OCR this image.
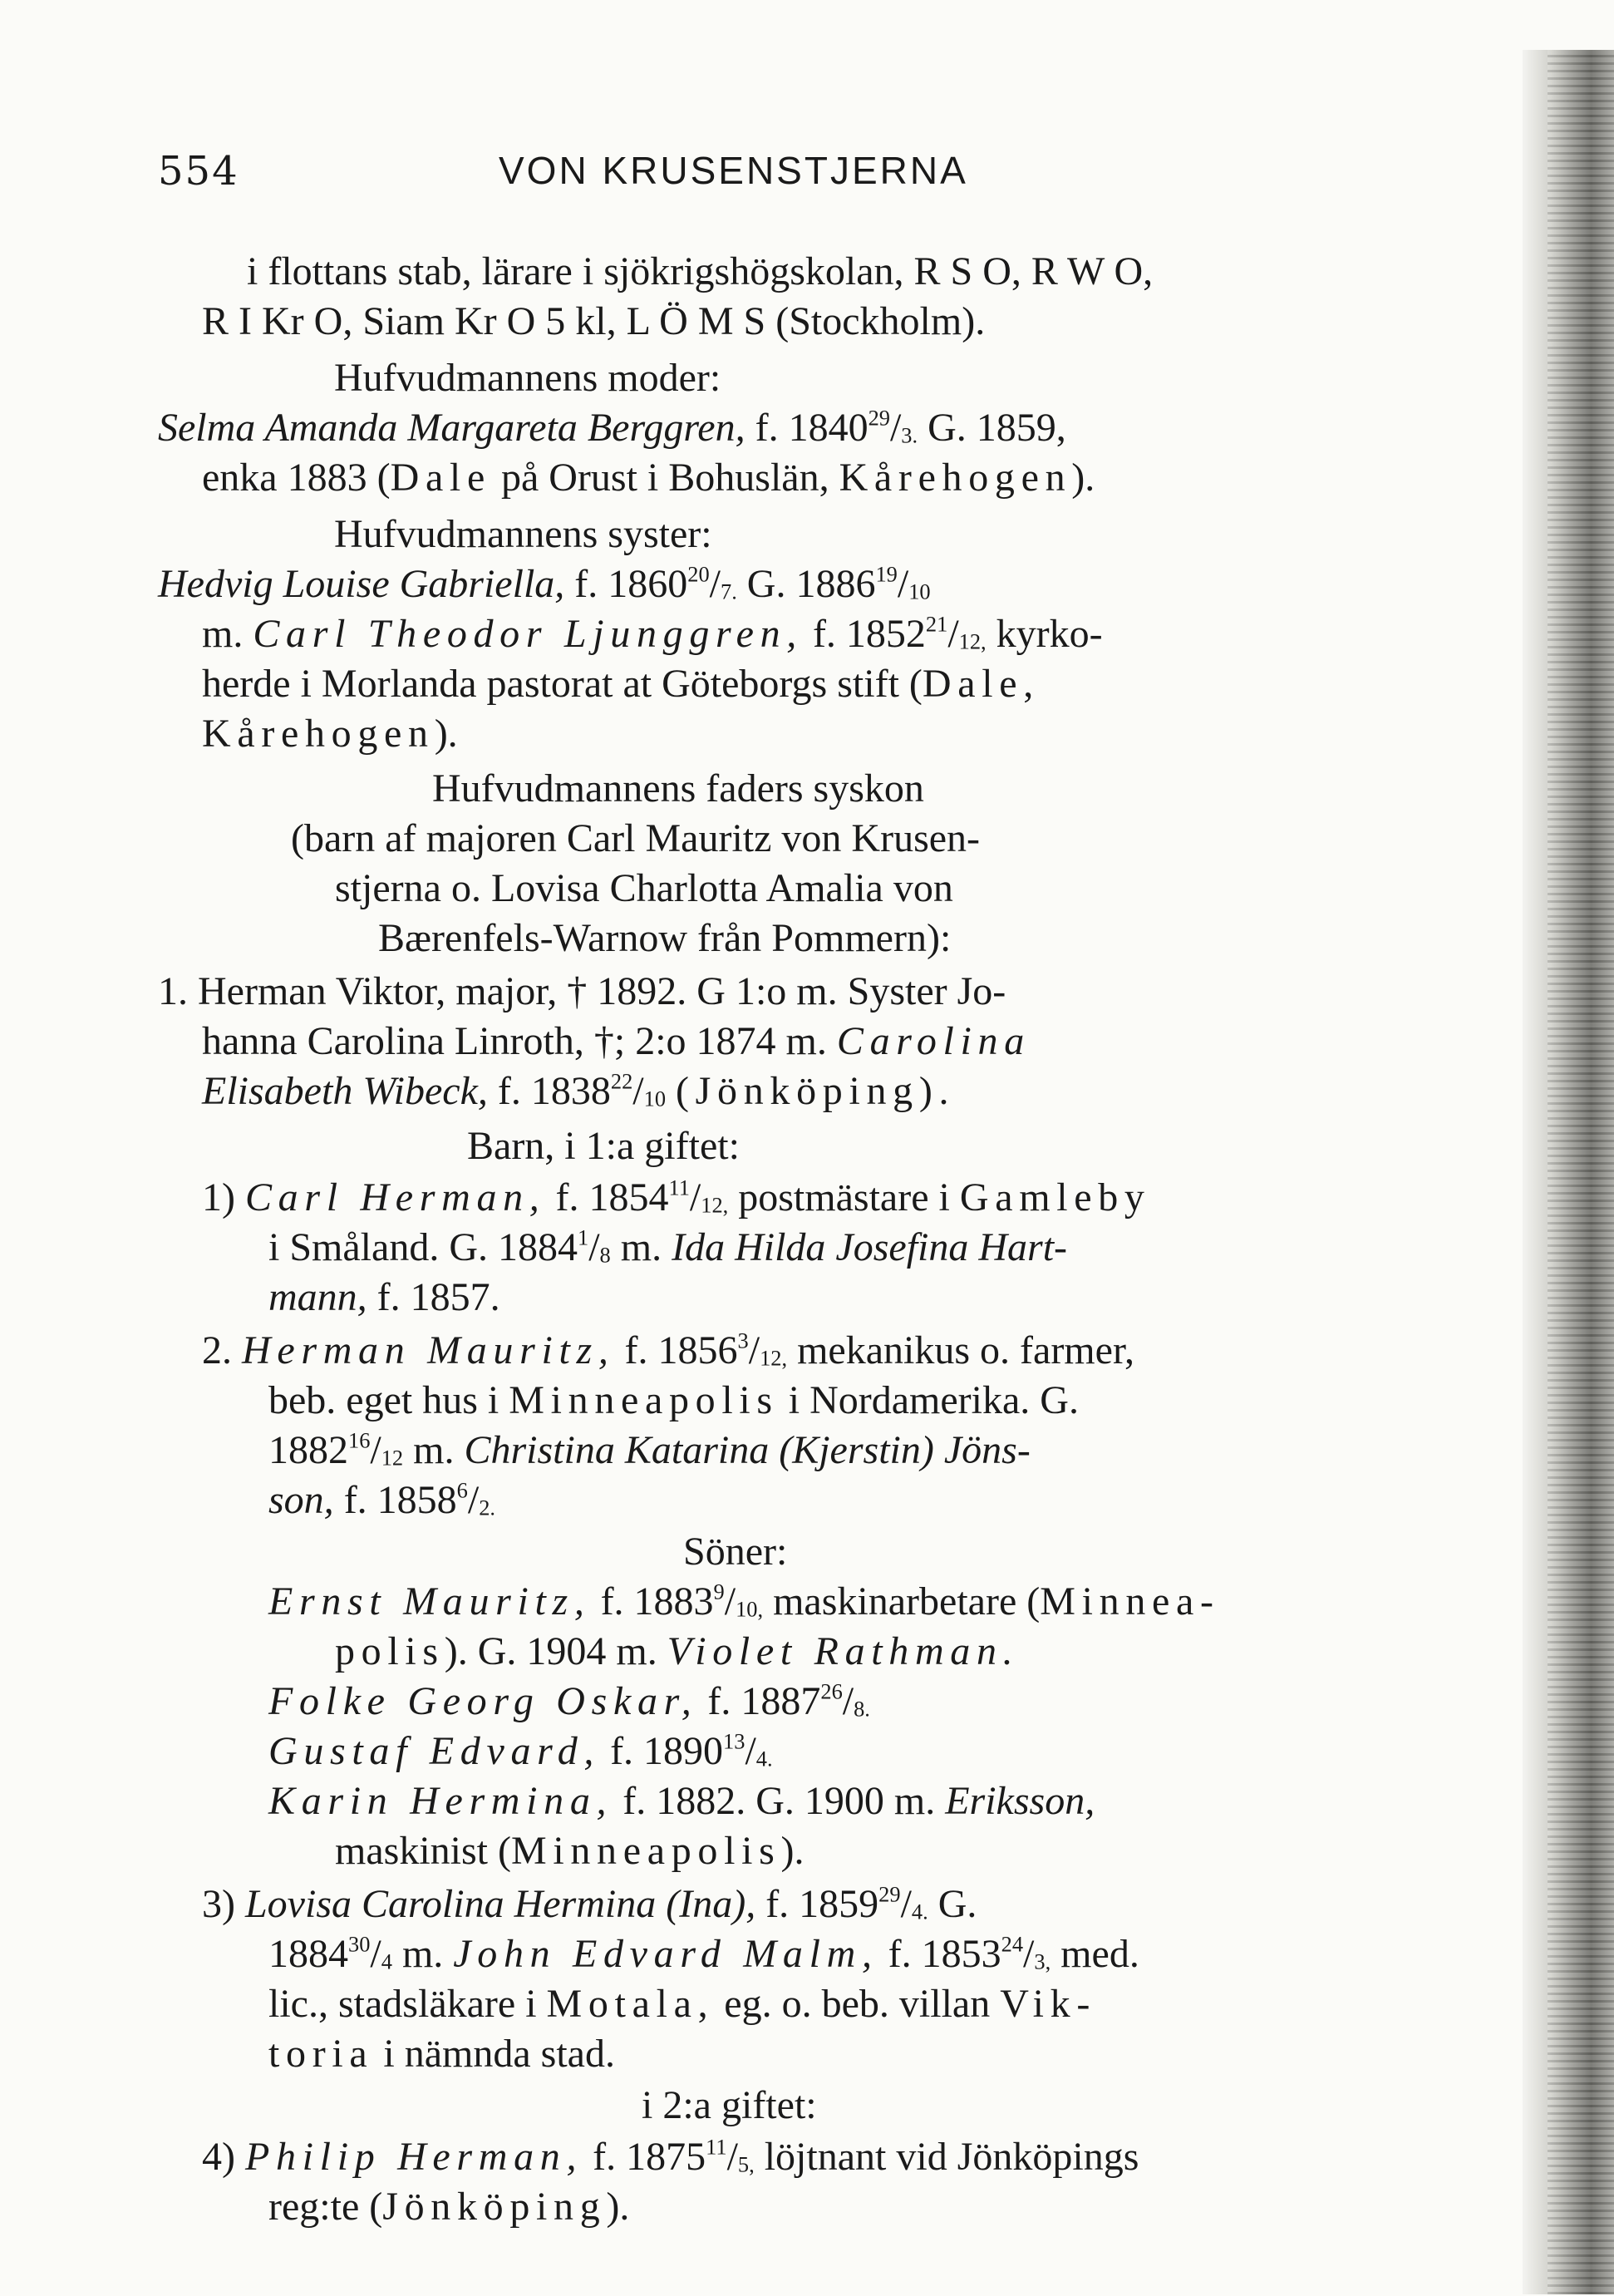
554	VON KRUSENSTJERNA
i flottans stab, lärare i sjökrigshögskolan, R S O, R W O,
R I Kr O, Siam Kr O 5 kl, L Ö M S (Stockholm).
Hufvudmannens moder:
Selma Amanda Margareta Berggren, f. $1840^{29}/_{3.}$ G. 1859,
enka 1883 (Dale på Orust i Bohuslän, Kårehogen).
Hufvudmannens syster:
Hedvig Louise Gabriella, f. $1860^{20}/_{7.}$ G. $1886^{19}/_{10}$
m. Carl Theodor Ljunggren, f. $1852^{21}/_{12,}$ kyrko-
herde i Morlanda pastorat at Göteborgs stift (Dale,
Kårehogen).
Hufvudmannens faders syskon
(barn af majoren Carl Mauritz von Krusen-
stjerna o. Lovisa Charlotta Amalia von
Bærenfels-Warnow från Pommern):
1. Herman Viktor, major, † 1892. G 1:o m. Syster Jo-
hanna Carolina Linroth, †; 2:o 1874 m. Carolina
Elisabeth Wibeck, f. $1838^{22}/_{10}$ (Jönköping).
Barn, i 1:a giftet:
1) Carl Herman, f. $1854^{11}/_{12,}$ postmästare i Gamleby
i Småland. G. $1884^1/_8$ m. Ida Hilda Josefina Hart-
mann, f. 1857.
2. Herman Mauritz, f. $1856^3/_{12,}$ mekanikus o. farmer,
beb. eget hus i Minneapolis i Nordamerika. G.
$1882^{16}/_{12}$ m. Christina Katarina (Kjerstin) Jöns-
son, f. $1858^6/_{2.}$
Söner:
Ernst Mauritz, f. $1883^9/_{10,}$ maskinarbetare (Minnea-
polis). G. 1904 m. Violet Rathman.
Folke Georg Oskar, f. $1887^{26}/_{8.}$
Gustaf Edvard, f. $1890^{13}/_{4.}$
Karin Hermina, f. 1882. G. 1900 m. Eriksson,
maskinist (Minneapolis).
3) Lovisa Carolina Hermina (Ina), f. $1859^{29}/_{4.}$ G.
$1884^{30}/_4$ m. John Edvard Malm, f. $1853^{24}/_{3,}$ med.
lic., stadsläkare i Motala, eg. o. beb. villan Vik-
toria i nämnda stad.
i 2:a giftet:
4) Philip Herman, f. $1875^{11}/_{5,}$ löjtnant vid Jönköpings
reg:te (Jönköping).
